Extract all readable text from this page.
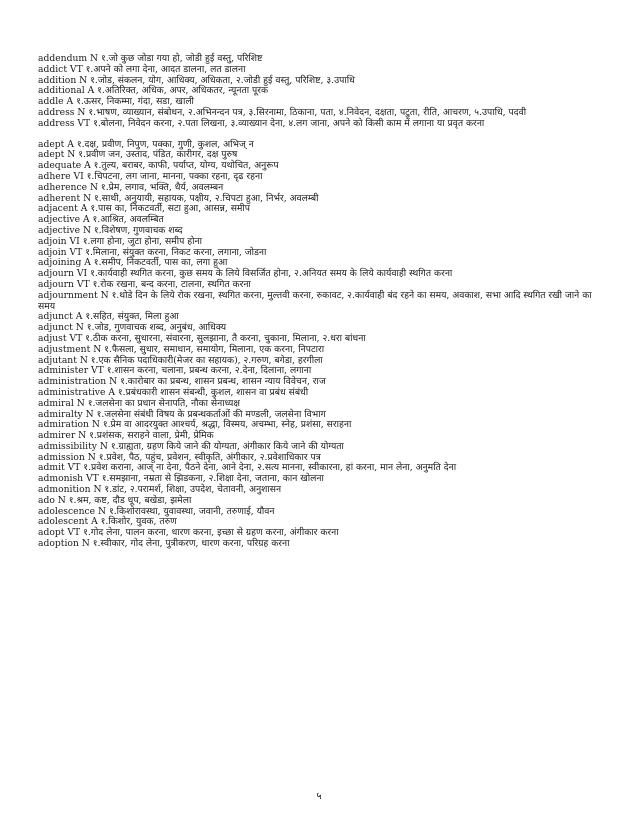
addendum N १.जो कुछ जोडा गया हो, जोडी हुई वस्तु, परिशिष्ट
addict VT १.अपने को लगा देना, आदत डालना, लत डालना
addition N १.जोड, संकलन, योग, आधिक्य, अधिकता, २.जोडी हुई वस्तु, परिशिष्ट, ३.उपाधि
additional A १.अतिरिक्त, अधिक, अपर, अधिकतर, न्यूनता पूरक
addle A १.ऊसर, निकम्मा, गंदा, सडा, खाली
address N १.भाषण, व्याख्यान, संबोधन, २.अभिनन्दन पत्र, ३.सिरनामा, ठिकाना, पता, ४.निवेदन, दक्षता, पटुता, रीति, आचरण, ५.उपाधि, पदवी
address VT १.बोलना, निवेदन करना, २.पता लिखना, ३.व्याख्यान देना, ४.लग जाना, अपने को किसी काम में लगाना या प्रवृत करना
adept A १.दक्ष, प्रवीण, निपुण, पक्का, गुणी, कुशल, अभिज् न
adept N १.प्रवीण जन, उस्ताद, पंडित, कारीगर, दक्ष पुरुष
adequate A १.तुल्य, बराबर, काफी, पर्याप्त, योग्य, यथोचित, अनुरूप
adhere VI १.चिपटना, लग जाना, मानना, पक्का रहना, दृढ रहना
adherence N १.प्रेम, लगाव, भक्ति, धैर्य, अवलम्बन
adherent N १.साथी, अनुयायी, सहायक, पक्षीय, २.चिपटा हुआ, निर्भर, अवलम्बी
adjacent A १.पास का, निकटवर्ती, सटा हुआ, आसन्न, समीप
adjective A १.आश्रित, अवलम्बित
adjective N १.विशेषण, गुणवाचक शब्द
adjoin VI १.लगा होना, जुटा होना, समीप होना
adjoin VT १.मिलाना, संयुक्त करना, निकट करना, लगाना, जोडना
adjoining A १.समीप, निकटवर्ती, पास का, लगा हुआ
adjourn VI १.कार्यवाही स्थगित करना, कुछ समय के लिये विसर्जित होना, २.अनियत समय के लिये कार्यवाही स्थगित करना
adjourn VT १.रोक रखना, बन्द करना, टालना, स्थगित करना
adjournment N १.थोडे दिन के लिये रोक रखना, स्थगित करना, मुल्तवी करना, रुकावट, २.कार्यवाही बंद रहने का समय, अवकाश, सभा आदि स्थगित रखी जाने का समय
adjunct A १.सहित, संयुक्त, मिला हुआ
adjunct N १.जोड, गुणवाचक शब्द, अनुबंध, आधिक्य
adjust VT १.ठीक करना, सुधारना, संवारना, सुलझाना, तै करना, चुकाना, मिलाना, २.धरा बांधना
adjustment N १.फैसला, सुधार, समाधान, समायोग, मिलाना, एक करना, निपटारा
adjutant N १.एक सैनिक पदाधिकारी(मेजर का सहायक), २.गरुण, बगेडा, हरगीला
administer VT १.शासन करना, चलाना, प्रबन्ध करना, २.देना, दिलाना, लगाना
administration N १.कारोबार का प्रबन्ध, शासन प्रबन्ध, शासन न्याय विवेचन, राज
administrative A १.प्रबंधकारी शासन संबन्धी, कुशल, शासन वा प्रबंध संबंधी
admiral N १.जलसेना का प्रधान सेनापति, नौका सेनाध्यक्ष
admiralty N १.जलसेना संबंधी विषय के प्रबन्धकर्ताओं की मण्डली, जलसेना विभाग
admiration N १.प्रेम वा आदरयुक्त आश्चर्य, श्रद्धा, विस्मय, अचम्भा, स्नेह, प्रशंसा, सराहना
admirer N १.प्रशंसक, सराहने वाला, प्रेमी, प्रेमिक
admissibility N १.ग्राह्यता, ग्रहण किये जाने की योग्यता, अंगीकार किये जाने की योग्यता
admission N १.प्रवेश, पैठ, पहुंच, प्रवेशन, स्वीकृति, अंगीकार, २.प्रवेशाधिकार पत्र
admit VT १.प्रवेश कराना, आज् ना देना, पैठने देना, आने देना, २.सत्य मानना, स्वीकारना, हां करना, मान लेना, अनुमति देना
admonish VT १.समझाना, नम्रता से झिडकना, २.शिक्षा देना, जताना, कान खोलना
admonition N १.डांट, २.परामर्श, शिक्षा, उपदेश, चेतावनी, अनुशासन
ado N १.श्रम, कष्ट, दौड धूप, बखेडा, झमेला
adolescence N १.किशोरावस्था, युवावस्था, जवानी, तरुणाई, यौवन
adolescent A १.किशोर, युवक, तरुण
adopt VT १.गोद लेना, पालन करना, धारण करना, इच्छा से ग्रहण करना, अंगीकार करना
adoption N १.स्वीकार, गोद लेना, पुत्रीकरण, धारण करना, परिग्रह करना
५
